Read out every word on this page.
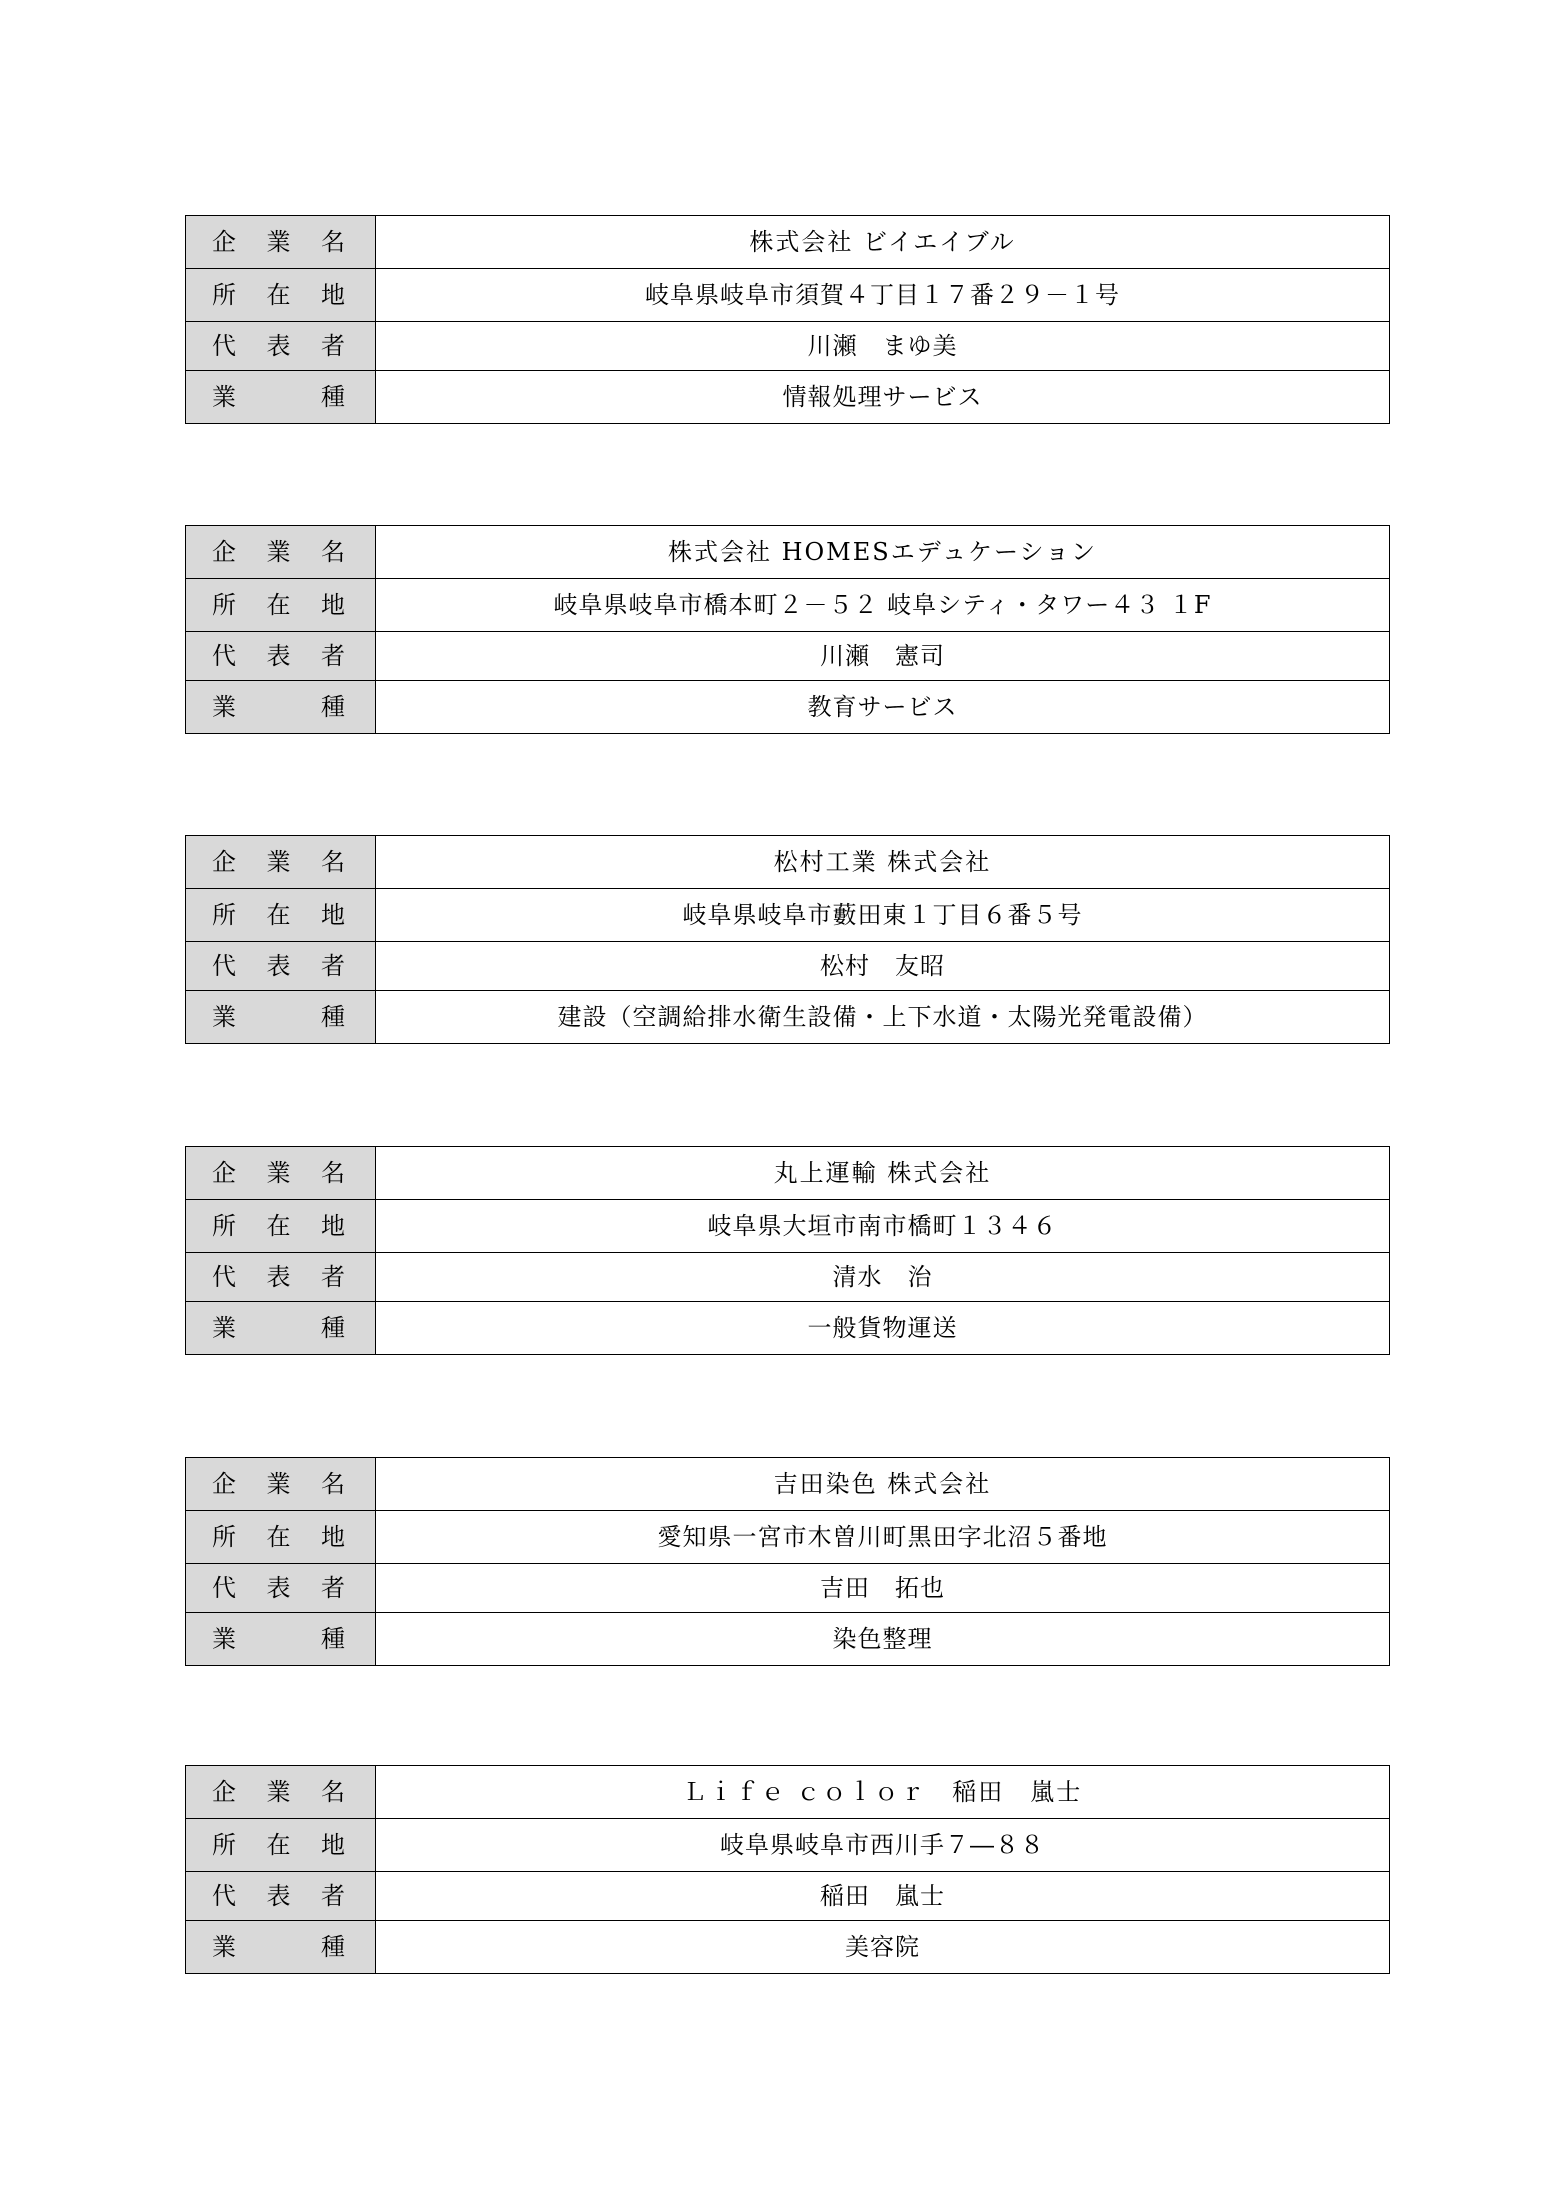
企業名	株式会社 ビイエイブル
所在地	岐阜県岐阜市須賀４丁目１７番２９－１号
代表者	川瀬　まゆ美
業種	情報処理サービス
企業名	株式会社 HOMESエデュケーション
所在地	岐阜県岐阜市橋本町２－５２ 岐阜シティ・タワー４３ １F
代表者	川瀬　憲司
業種	教育サービス
企業名	松村工業 株式会社
所在地	岐阜県岐阜市藪田東１丁目６番５号
代表者	松村　友昭
業種	建設（空調給排水衛生設備・上下水道・太陽光発電設備）
企業名	丸上運輸 株式会社
所在地	岐阜県大垣市南市橋町１３４６
代表者	清水　治
業種	一般貨物運送
企業名	吉田染色 株式会社
所在地	愛知県一宮市木曽川町黒田字北沼５番地
代表者	吉田　拓也
業種	染色整理
企業名	Ｌｉｆｅ ｃｏｌｏｒ　稲田　嵐士
所在地	岐阜県岐阜市西川手７―８８
代表者	稲田　嵐士
業種	美容院
